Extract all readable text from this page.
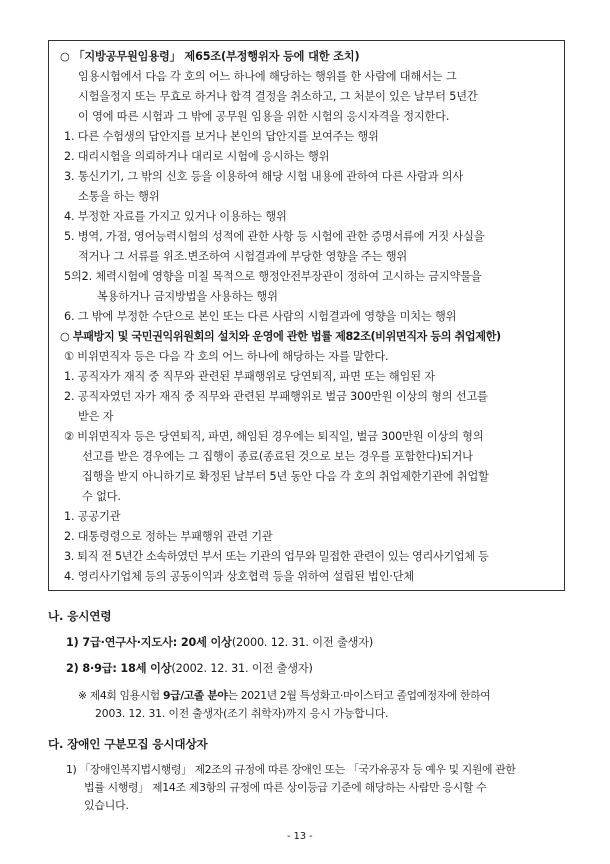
○ 「지방공무원임용령」 제65조(부정행위자 등에 대한 조치)
임용시험에서 다음 각 호의 어느 하나에 해당하는 행위를 한 사람에 대해서는 그
시험을정지 또는 무효로 하거나 합격 결정을 취소하고, 그 처분이 있은 날부터 5년간
이 영에 따른 시험과 그 밖에 공무원 임용을 위한 시험의 응시자격을 정지한다.
1. 다른 수험생의 답안지를 보거나 본인의 답안지를 보여주는 행위
2. 대리시험을 의뢰하거나 대리로 시험에 응시하는 행위
3. 통신기기, 그 밖의 신호 등을 이용하여 해당 시험 내용에 관하여 다른 사람과 의사
소통을 하는 행위
4. 부정한 자료를 가지고 있거나 이용하는 행위
5. 병역, 가점, 영어능력시험의 성적에 관한 사항 등 시험에 관한 증명서류에 거짓 사실을
적거나 그 서류를 위조.변조하여 시험결과에 부당한 영향을 주는 행위
5의2. 체력시험에 영향을 미칠 목적으로 행정안전부장관이 정하여 고시하는 금지약물을
복용하거나 금지방법을 사용하는 행위
6. 그 밖에 부정한 수단으로 본인 또는 다른 사람의 시험결과에 영향을 미치는 행위
○ 부패방지 및 국민권익위원회의 설치와 운영에 관한 법률 제82조(비위면직자 등의 취업제한)
① 비위면직자 등은 다음 각 호의 어느 하나에 해당하는 자를 말한다.
1. 공직자가 재직 중 직무와 관련된 부패행위로 당연퇴직, 파면 또는 해임된 자
2. 공직자였던 자가 재직 중 직무와 관련된 부패행위로 벌금 300만원 이상의 형의 선고를
받은 자
② 비위면직자 등은 당연퇴직, 파면, 해임된 경우에는 퇴직일, 벌금 300만원 이상의 형의
선고를 받은 경우에는 그 집행이 종료(종료된 것으로 보는 경우를 포함한다)되거나
집행을 받지 아니하기로 확정된 날부터 5년 동안 다음 각 호의 취업제한기관에 취업할
수 없다.
1. 공공기관
2. 대통령령으로 정하는 부패행위 관련 기관
3. 퇴직 전 5년간 소속하였던 부서 또는 기관의 업무와 밀접한 관련이 있는 영리사기업체 등
4. 영리사기업체 등의 공동이익과 상호협력 등을 위하여 설립된 법인·단체
나. 응시연령
1) 7급·연구사·지도사: 20세 이상(2000. 12. 31. 이전 출생자)
2) 8·9급: 18세 이상(2002. 12. 31. 이전 출생자)
※ 제4회 임용시험 9급/고졸 분야는 2021년 2월 특성화고·마이스터고 졸업예정자에 한하여
2003. 12. 31. 이전 출생자(조기 취학자)까지 응시 가능합니다.
다. 장애인 구분모집 응시대상자
1) 「장애인복지법시행령」 제2조의 규정에 따른 장애인 또는 「국가유공자 등 예우 및 지원에 관한
법률 시행령」 제14조 제3항의 규정에 따른 상이등급 기준에 해당하는 사람만 응시할 수
있습니다.
- 13 -
